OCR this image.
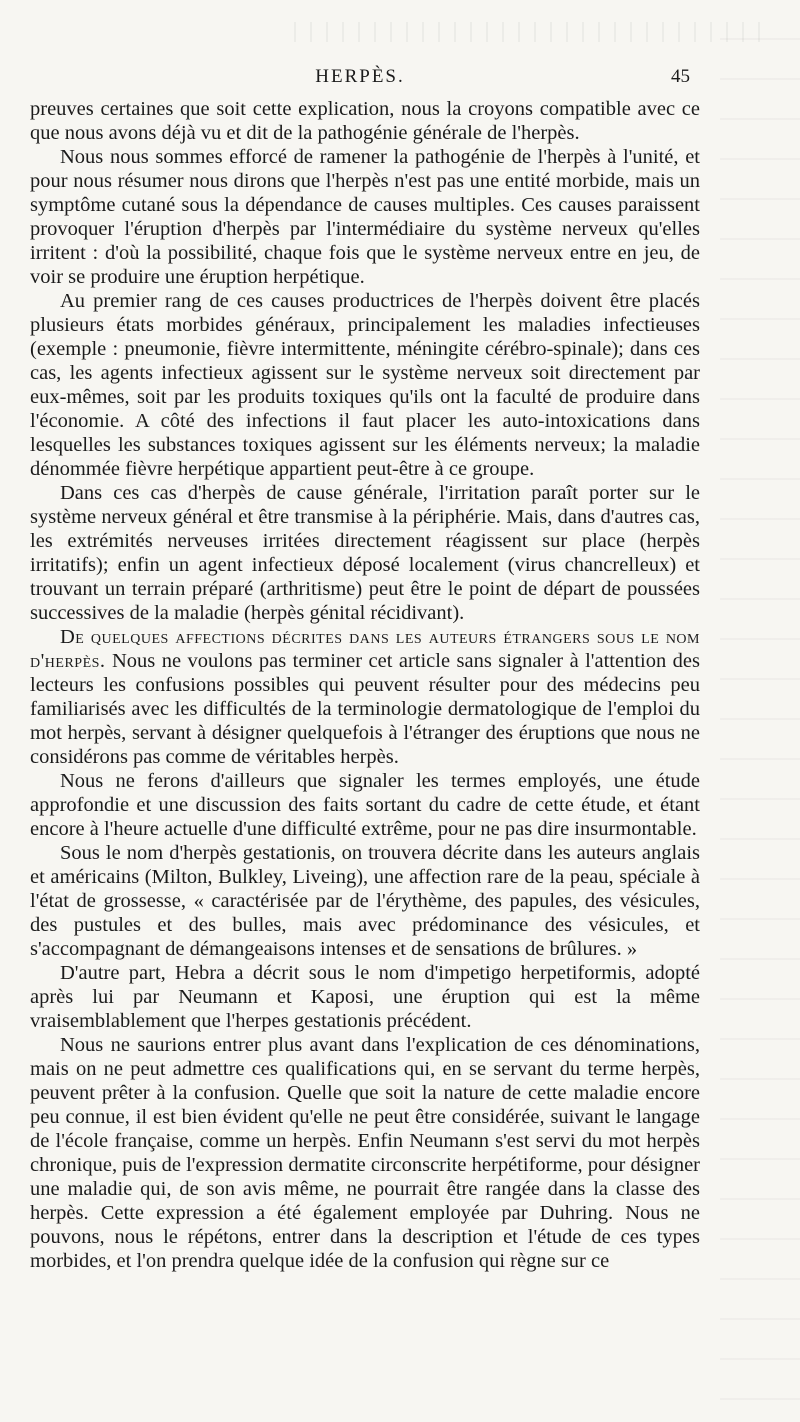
HERPÈS.	45

preuves certaines que soit cette explication, nous la croyons compatible avec ce que nous avons déjà vu et dit de la pathogénie générale de l'herpès.

Nous nous sommes efforcé de ramener la pathogénie de l'herpès à l'unité, et pour nous résumer nous dirons que l'herpès n'est pas une entité morbide, mais un symptôme cutané sous la dépendance de causes multiples. Ces causes paraissent provoquer l'éruption d'herpès par l'intermédiaire du système nerveux qu'elles irritent : d'où la possibilité, chaque fois que le système nerveux entre en jeu, de voir se produire une éruption herpétique.

Au premier rang de ces causes productrices de l'herpès doivent être placés plusieurs états morbides généraux, principalement les maladies infectieuses (exemple : pneumonie, fièvre intermittente, méningite cérébro-spinale); dans ces cas, les agents infectieux agissent sur le système nerveux soit directement par eux-mêmes, soit par les produits toxiques qu'ils ont la faculté de produire dans l'économie. A côté des infections il faut placer les auto-intoxications dans lesquelles les substances toxiques agissent sur les éléments nerveux; la maladie dénommée fièvre herpétique appartient peut-être à ce groupe.

Dans ces cas d'herpès de cause générale, l'irritation paraît porter sur le système nerveux général et être transmise à la périphérie. Mais, dans d'autres cas, les extrémités nerveuses irritées directement réagissent sur place (herpès irritatifs); enfin un agent infectieux déposé localement (virus chancrelleux) et trouvant un terrain préparé (arthritisme) peut être le point de départ de poussées successives de la maladie (herpès génital récidivant).

De quelques affections décrites dans les auteurs étrangers sous le nom d'herpès. Nous ne voulons pas terminer cet article sans signaler à l'attention des lecteurs les confusions possibles qui peuvent résulter pour des médecins peu familiarisés avec les difficultés de la terminologie dermatologique de l'emploi du mot herpès, servant à désigner quelquefois à l'étranger des éruptions que nous ne considérons pas comme de véritables herpès.

Nous ne ferons d'ailleurs que signaler les termes employés, une étude approfondie et une discussion des faits sortant du cadre de cette étude, et étant encore à l'heure actuelle d'une difficulté extrême, pour ne pas dire insurmontable.

Sous le nom d'herpès gestationis, on trouvera décrite dans les auteurs anglais et américains (Milton, Bulkley, Liveing), une affection rare de la peau, spéciale à l'état de grossesse, « caractérisée par de l'érythème, des papules, des vésicules, des pustules et des bulles, mais avec prédominance des vésicules, et s'accompagnant de démangeaisons intenses et de sensations de brûlures. »

D'autre part, Hebra a décrit sous le nom d'impetigo herpetiformis, adopté après lui par Neumann et Kaposi, une éruption qui est la même vraisemblablement que l'herpes gestationis précédent.

Nous ne saurions entrer plus avant dans l'explication de ces dénominations, mais on ne peut admettre ces qualifications qui, en se servant du terme herpès, peuvent prêter à la confusion. Quelle que soit la nature de cette maladie encore peu connue, il est bien évident qu'elle ne peut être considérée, suivant le langage de l'école française, comme un herpès. Enfin Neumann s'est servi du mot herpès chronique, puis de l'expression dermatite circonscrite herpétiforme, pour désigner une maladie qui, de son avis même, ne pourrait être rangée dans la classe des herpès. Cette expression a été également employée par Duhring. Nous ne pouvons, nous le répétons, entrer dans la description et l'étude de ces types morbides, et l'on prendra quelque idée de la confusion qui règne sur ce
